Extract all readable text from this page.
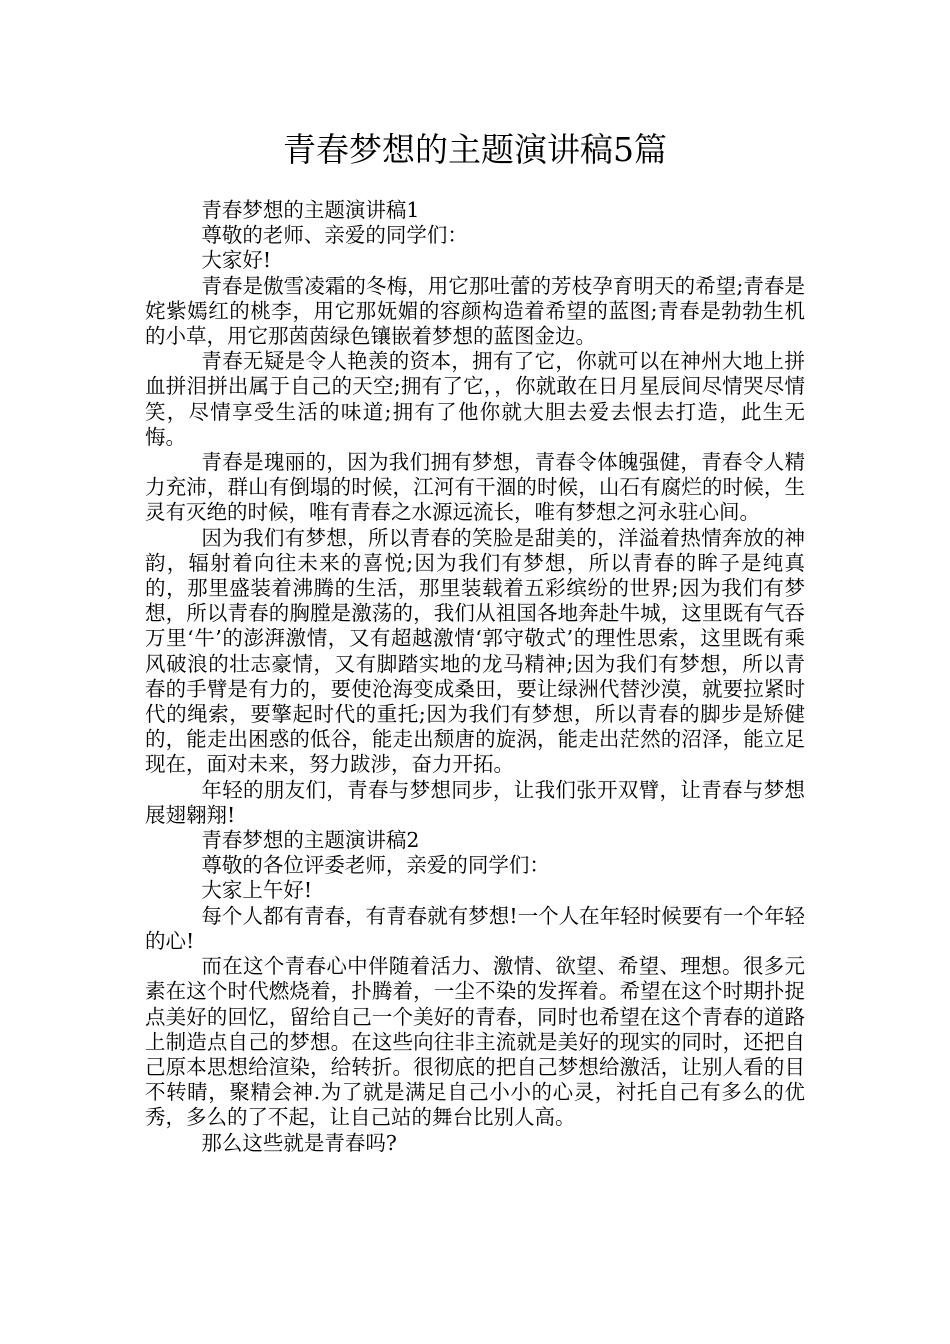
青春梦想的主题演讲稿5篇

青春梦想的主题演讲稿1

尊敬的老师、亲爱的同学们：

大家好!

青春是傲雪凌霜的冬梅，用它那吐蕾的芳枝孕育明天的希望;青春是姹紫嫣红的桃李，用它那妩媚的容颜构造着希望的蓝图;青春是勃勃生机的小草，用它那茵茵绿色镶嵌着梦想的蓝图金边。

青春无疑是令人艳羡的资本，拥有了它，你就可以在神州大地上拼血拼泪拼出属于自己的天空;拥有了它，，你就敢在日月星辰间尽情哭尽情笑，尽情享受生活的味道;拥有了他你就大胆去爱去恨去打造，此生无悔。

青春是瑰丽的，因为我们拥有梦想，青春令体魄强健，青春令人精力充沛，群山有倒塌的时候，江河有干涸的时候，山石有腐烂的时候，生灵有灭绝的时候，唯有青春之水源远流长，唯有梦想之河永驻心间。

因为我们有梦想，所以青春的笑脸是甜美的，洋溢着热情奔放的神韵，辐射着向往未来的喜悦;因为我们有梦想，所以青春的眸子是纯真的，那里盛装着沸腾的生活，那里装载着五彩缤纷的世界;因为我们有梦想，所以青春的胸膛是激荡的，我们从祖国各地奔赴牛城，这里既有气吞万里‘牛’的澎湃激情，又有超越激情‘郭守敬式’的理性思索，这里既有乘风破浪的壮志豪情，又有脚踏实地的龙马精神;因为我们有梦想，所以青春的手臂是有力的，要使沧海变成桑田，要让绿洲代替沙漠，就要拉紧时代的绳索，要擎起时代的重托;因为我们有梦想，所以青春的脚步是矫健的，能走出困惑的低谷，能走出颓唐的旋涡，能走出茫然的沼泽，能立足现在，面对未来，努力跋涉，奋力开拓。

年轻的朋友们，青春与梦想同步，让我们张开双臂，让青春与梦想展翅翱翔!

青春梦想的主题演讲稿2

尊敬的各位评委老师，亲爱的同学们：

大家上午好!

每个人都有青春，有青春就有梦想!一个人在年轻时候要有一个年轻的心!

而在这个青春心中伴随着活力、激情、欲望、希望、理想。很多元素在这个时代燃烧着，扑腾着，一尘不染的发挥着。希望在这个时期扑捉点美好的回忆，留给自己一个美好的青春，同时也希望在这个青春的道路上制造点自己的梦想。在这些向往非主流就是美好的现实的同时，还把自己原本思想给渲染，给转折。很彻底的把自己梦想给激活，让别人看的目不转睛，聚精会神.为了就是满足自己小小的心灵，衬托自己有多么的优秀，多么的了不起，让自己站的舞台比别人高。

那么这些就是青春吗?
